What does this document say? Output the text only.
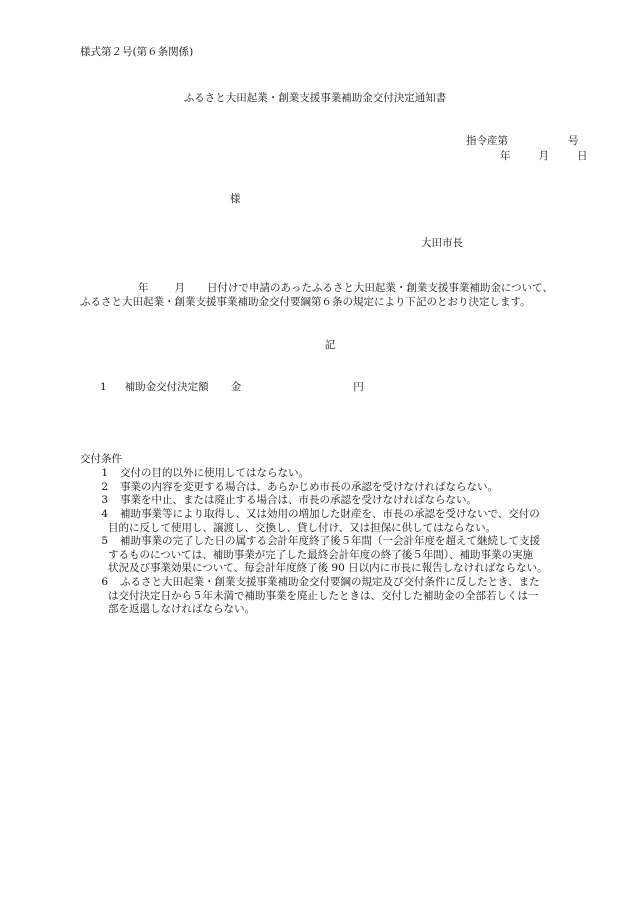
様式第２号(第６条関係)
ふるさと大田起業・創業支援事業補助金交付決定通知書
指令産第	号
年	月	日
様
大田市長
年 月 日付けで申請のあったふるさと大田起業・創業支援事業補助金について、
ふるさと大田起業・創業支援事業補助金交付要綱第６条の規定により下記のとおり決定します。
記
1 補助金交付決定額 金	円
交付条件
1	交付の目的以外に使用してはならない。
2	事業の内容を変更する場合は、あらかじめ市長の承認を受けなければならない。
3	事業を中止、または廃止する場合は、市長の承認を受けなければならない。
4	補助事業等により取得し、又は効用の増加した財産を、市長の承認を受けないで、交付の
目的に反して使用し、譲渡し、交換し、貸し付け、又は担保に供してはならない。
5	補助事業の完了した日の属する会計年度終了後５年間（一会計年度を超えて継続して支援
するものについては、補助事業が完了した最終会計年度の終了後５年間）、補助事業の実施
状況及び事業効果について、毎会計年度終了後 90 日以内に市長に報告しなければならない。
6	ふるさと大田起業・創業支援事業補助金交付要綱の規定及び交付条件に反したとき、また
は交付決定日から５年未満で補助事業を廃止したときは、交付した補助金の全部若しくは一
部を返還しなければならない。
